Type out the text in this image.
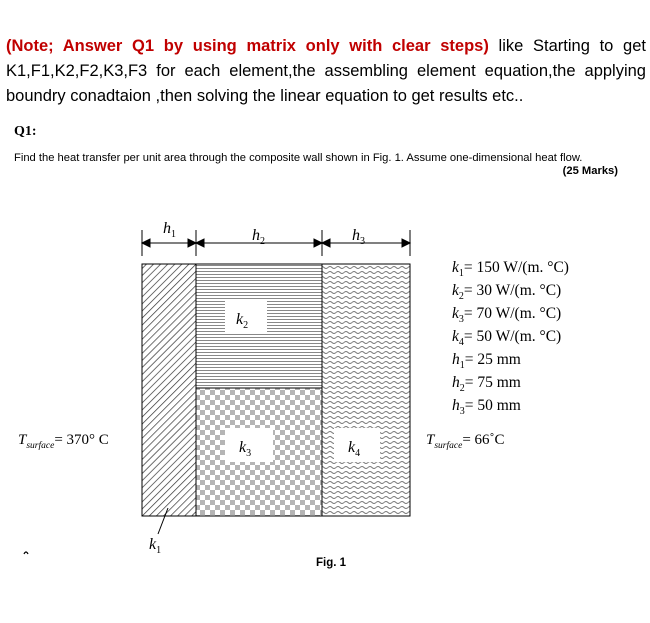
(Note; Answer Q1 by using matrix only with clear steps) like Starting to get K1,F1,K2,F2,K3,F3 for each element,the assembling element equation,the applying boundry conadtaion ,then solving the linear equation to get results etc..
Q1:
Find the heat transfer per unit area through the composite wall shown in Fig. 1. Assume one-dimensional heat flow.
(25 Marks)
$h_1$	$h_2$	$h_3$
$k_2$
$k_3$	$k_4$
$k_1$
$T_{surface}= 370^\circ$ C	$T_{surface}=$ 66˚C
$k_1= 150$ W/(m. °C)
$k_2= 30$ W/(m. °C)
$k_3= 70$ W/(m. °C)
$k_4= 50$ W/(m. °C)
$h_1= 25$ mm
$h_2= 75$ mm
$h_3= 50$ mm
Fig. 1
